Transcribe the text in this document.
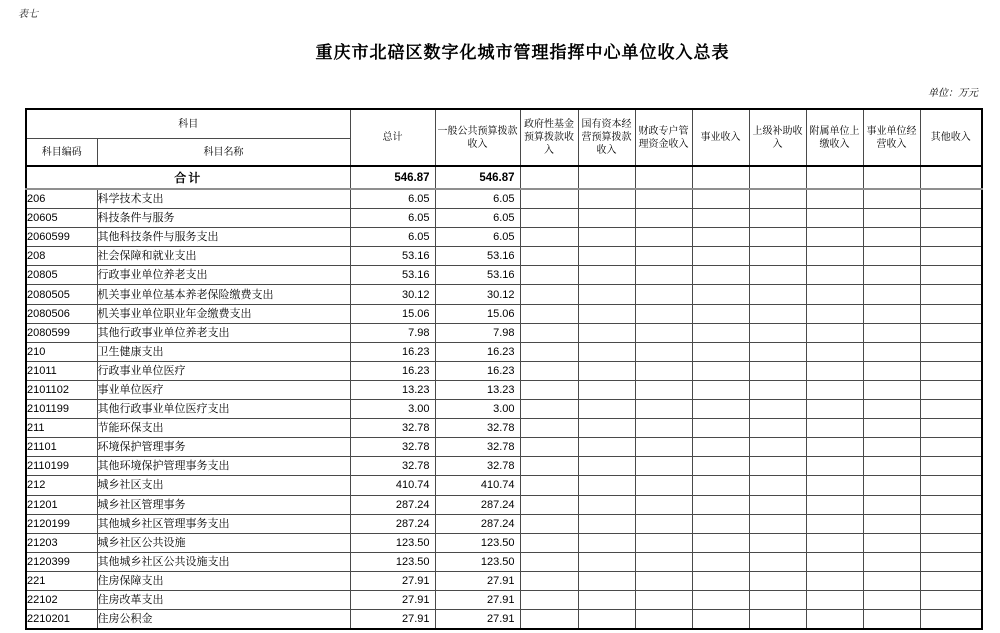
表七
重庆市北碚区数字化城市管理指挥中心单位收入总表
单位：万元
科目		总计	一般公共预算拨款收入	政府性基金预算拨款收入	国有资本经营预算拨款收入	财政专户管理资金收入	事业收入	上级补助收入	附属单位上缴收入	事业单位经营收入	其他收入
科目编码	科目名称										
合计		546.87	546.87								
206	科学技术支出	6.05	6.05								
20605	科技条件与服务	6.05	6.05								
2060599	其他科技条件与服务支出	6.05	6.05								
208	社会保障和就业支出	53.16	53.16								
20805	行政事业单位养老支出	53.16	53.16								
2080505	机关事业单位基本养老保险缴费支出	30.12	30.12								
2080506	机关事业单位职业年金缴费支出	15.06	15.06								
2080599	其他行政事业单位养老支出	7.98	7.98								
210	卫生健康支出	16.23	16.23								
21011	行政事业单位医疗	16.23	16.23								
2101102	事业单位医疗	13.23	13.23								
2101199	其他行政事业单位医疗支出	3.00	3.00								
211	节能环保支出	32.78	32.78								
21101	环境保护管理事务	32.78	32.78								
2110199	其他环境保护管理事务支出	32.78	32.78								
212	城乡社区支出	410.74	410.74								
21201	城乡社区管理事务	287.24	287.24								
2120199	其他城乡社区管理事务支出	287.24	287.24								
21203	城乡社区公共设施	123.50	123.50								
2120399	其他城乡社区公共设施支出	123.50	123.50								
221	住房保障支出	27.91	27.91								
22102	住房改革支出	27.91	27.91								
2210201	住房公积金	27.91	27.91								
